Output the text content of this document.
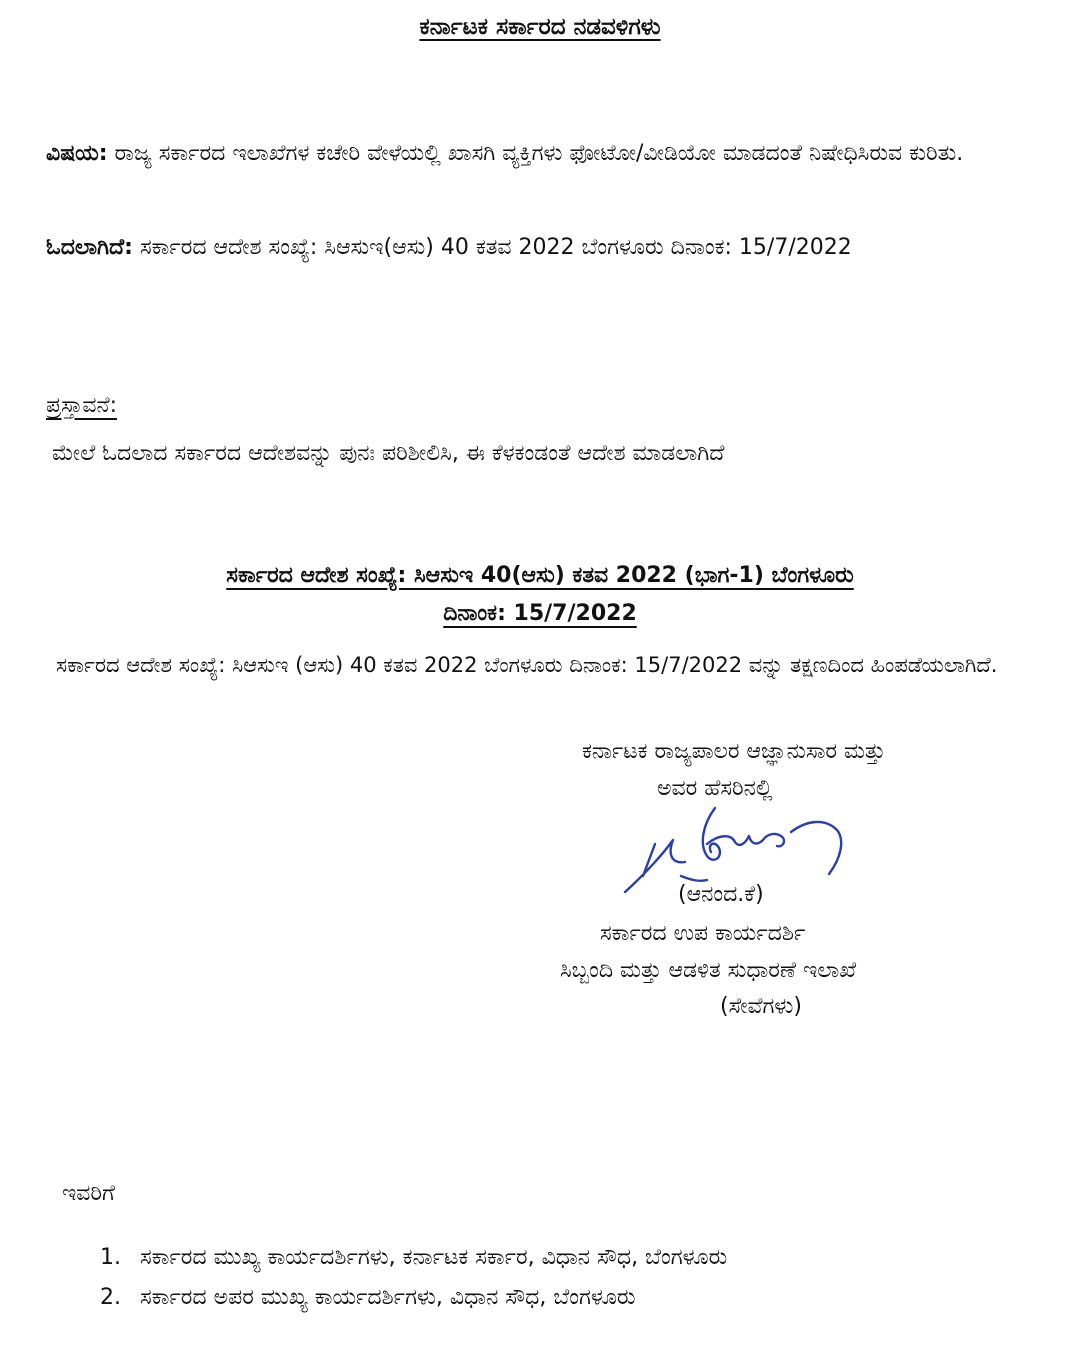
ಕರ್ನಾಟಕ ಸರ್ಕಾರದ ನಡವಳಿಗಳು
ವಿಷಯ: ರಾಜ್ಯ ಸರ್ಕಾರದ ಇಲಾಖೆಗಳ ಕಚೇರಿ ವೇಳೆಯಲ್ಲಿ ಖಾಸಗಿ ವ್ಯಕ್ತಿಗಳು ಫೋಟೋ/ವೀಡಿಯೋ ಮಾಡದಂತೆ ನಿಷೇಧಿಸಿರುವ ಕುರಿತು.
ಓದಲಾಗಿದೆ: ಸರ್ಕಾರದ ಆದೇಶ ಸಂಖ್ಯೆ: ಸಿಆಸುಇ(ಆಸು) 40 ಕತವ 2022 ಬೆಂಗಳೂರು ದಿನಾಂಕ: 15/7/2022
ಪ್ರಸ್ತಾವನೆ:
ಮೇಲೆ ಓದಲಾದ ಸರ್ಕಾರದ ಆದೇಶವನ್ನು ಪುನಃ ಪರಿಶೀಲಿಸಿ, ಈ ಕೆಳಕಂಡಂತೆ ಆದೇಶ ಮಾಡಲಾಗಿದೆ
ಸರ್ಕಾರದ ಆದೇಶ ಸಂಖ್ಯೆ: ಸಿಆಸುಇ 40(ಆಸು) ಕತವ 2022 (ಭಾಗ-1) ಬೆಂಗಳೂರು
ದಿನಾಂಕ: 15/7/2022
ಸರ್ಕಾರದ ಆದೇಶ ಸಂಖ್ಯೆ: ಸಿಆಸುಇ (ಆಸು) 40 ಕತವ 2022 ಬೆಂಗಳೂರು ದಿನಾಂಕ: 15/7/2022 ವನ್ನು ತಕ್ಷಣದಿಂದ ಹಿಂಪಡೆಯಲಾಗಿದೆ.
ಕರ್ನಾಟಕ ರಾಜ್ಯಪಾಲರ ಆಜ್ಞಾನುಸಾರ ಮತ್ತು
ಅವರ ಹೆಸರಿನಲ್ಲಿ
(ಆನಂದ.ಕೆ)
ಸರ್ಕಾರದ ಉಪ ಕಾರ್ಯದರ್ಶಿ
ಸಿಬ್ಬಂದಿ ಮತ್ತು ಆಡಳಿತ ಸುಧಾರಣೆ ಇಲಾಖೆ
(ಸೇವೆಗಳು)
ಇವರಿಗೆ
1. ಸರ್ಕಾರದ ಮುಖ್ಯ ಕಾರ್ಯದರ್ಶಿಗಳು, ಕರ್ನಾಟಕ ಸರ್ಕಾರ, ವಿಧಾನ ಸೌಧ, ಬೆಂಗಳೂರು
2. ಸರ್ಕಾರದ ಅಪರ ಮುಖ್ಯ ಕಾರ್ಯದರ್ಶಿಗಳು, ವಿಧಾನ ಸೌಧ, ಬೆಂಗಳೂರು
